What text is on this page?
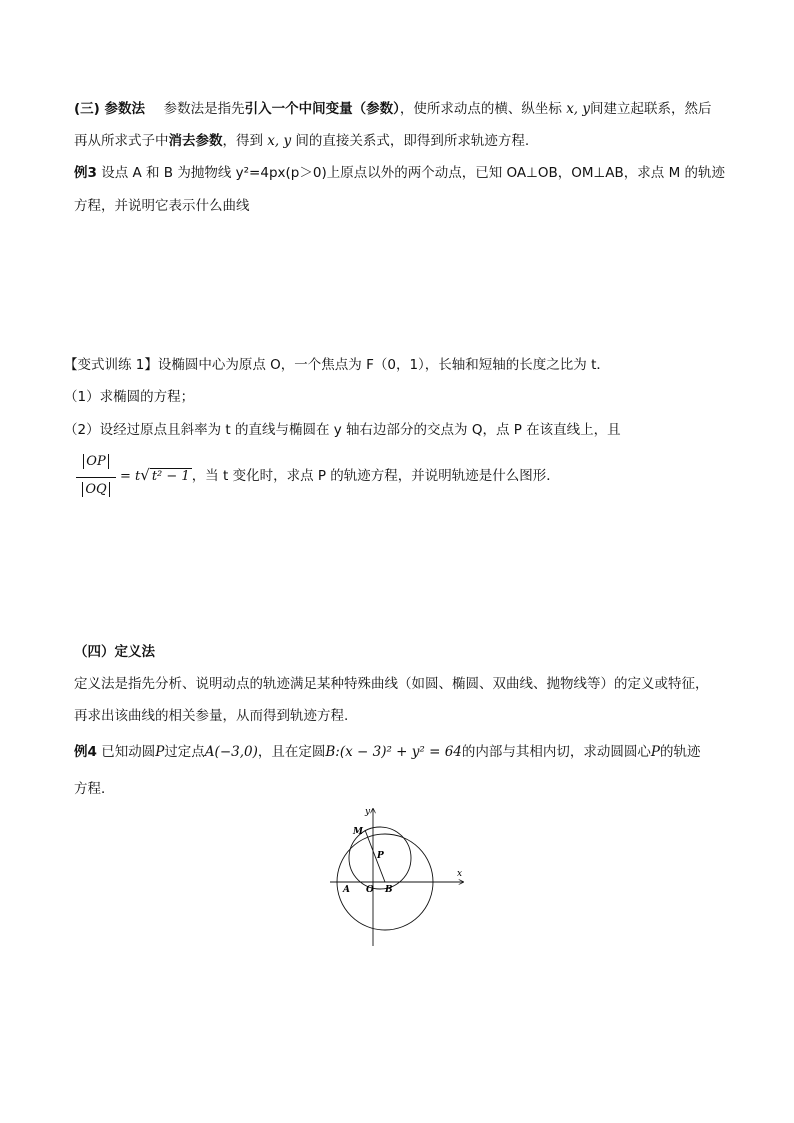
(三) 参数法 参数法是指先引入一个中间变量（参数），使所求动点的横、纵坐标 x, y间建立起联系，然后
再从所求式子中消去参数，得到 x, y 间的直接关系式，即得到所求轨迹方程.
例3 设点 A 和 B 为抛物线 y²=4px(p＞0)上原点以外的两个动点，已知 OA⊥OB，OM⊥AB，求点 M 的轨迹
方程，并说明它表示什么曲线
【变式训练 1】设椭圆中心为原点 O，一个焦点为 F（0，1），长轴和短轴的长度之比为 t．
（1）求椭圆的方程；
（2）设经过原点且斜率为 t 的直线与椭圆在 y 轴右边部分的交点为 Q，点 P 在该直线上，且
OP
OQ
= t√ t² − 1 ，当 t 变化时，求点 P 的轨迹方程，并说明轨迹是什么图形．
（四）定义法
定义法是指先分析、说明动点的轨迹满足某种特殊曲线（如圆、椭圆、双曲线、抛物线等）的定义或特征，
再求出该曲线的相关参量，从而得到轨迹方程.
例4 已知动圆P过定点A(−3,0)，且在定圆B:(x − 3)² + y² = 64的内部与其相内切，求动圆圆心P的轨迹
方程．
x
y
M
P
A O B
